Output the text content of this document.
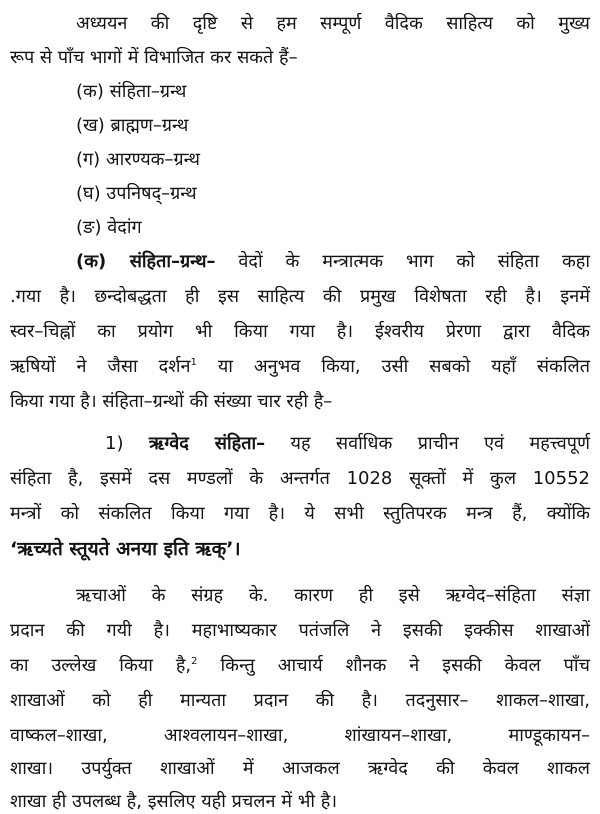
अध्ययन की दृष्टि से हम सम्पूर्ण वैदिक साहित्य को मुख्य
रूप से पाँच भागों में विभाजित कर सकते हैं–
(क) संहिता–ग्रन्थ
(ख) ब्राह्मण–ग्रन्थ
(ग) आरण्यक–ग्रन्थ
(घ) उपनिषद्–ग्रन्थ
(ङ) वेदांग
(क) संहिता–ग्रन्थ– वेदों के मन्त्रात्मक भाग को संहिता कहा
.गया है। छन्दोबद्धता ही इस साहित्य की प्रमुख विशेषता रही है। इनमें
स्वर–चिह्नों का प्रयोग भी किया गया है। ईश्वरीय प्रेरणा द्वारा वैदिक
ऋषियों ने जैसा दर्शन$^1$ या अनुभव किया, उसी सबको यहाँ संकलित
किया गया है। संहिता–ग्रन्थों की संख्या चार रही है–
1) ऋग्वेद संहिता– यह सर्वाधिक प्राचीन एवं महत्त्वपूर्ण
संहिता है, इसमें दस मण्डलों के अन्तर्गत 1028 सूक्तों में कुल 10552
मन्त्रों को संकलित किया गया है। ये सभी स्तुतिपरक मन्त्र हैं, क्योंकि
‘ऋच्यते स्तूयते अनया इति ऋक्’।
ऋचाओं के संग्रह के. कारण ही इसे ऋग्वेद–संहिता संज्ञा
प्रदान की गयी है। महाभाष्यकार पतंजलि ने इसकी इक्कीस शाखाओं
का उल्लेख किया है,$^2$ किन्तु आचार्य शौनक ने इसकी केवल पाँच
शाखाओं को ही मान्यता प्रदान की है। तदनुसार– शाकल–शाखा,
वाष्कल–शाखा, आश्वलायन–शाखा, शांखायन–शाखा, माण्डूकायन–
शाखा। उपर्युक्त शाखाओं में आजकल ऋग्वेद की केवल शाकल
शाखा ही उपलब्ध है, इसलिए यही प्रचलन में भी है।
